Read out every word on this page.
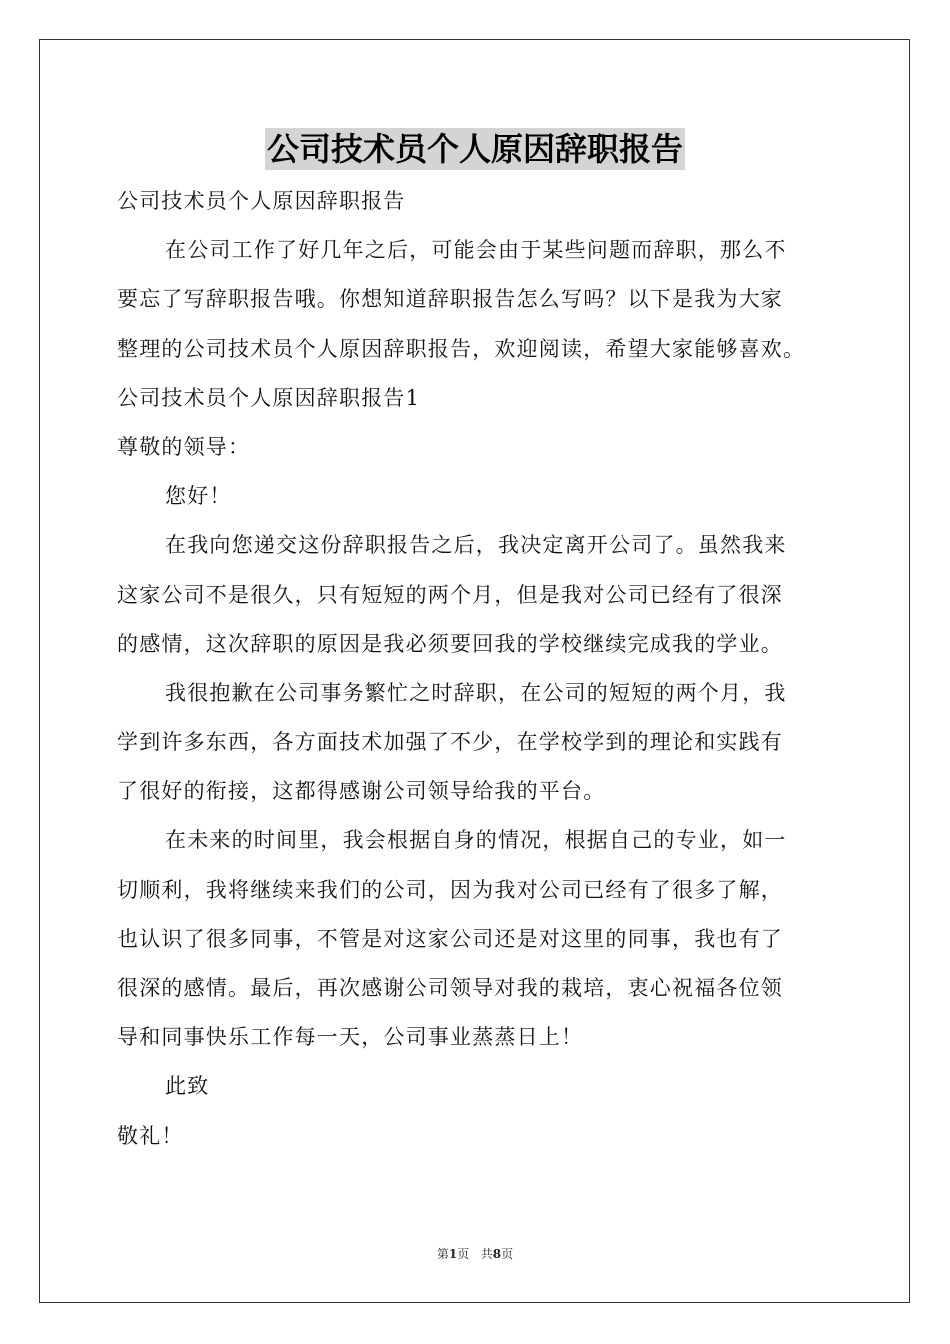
公司技术员个人原因辞职报告
公司技术员个人原因辞职报告
在公司工作了好几年之后，可能会由于某些问题而辞职，那么不
要忘了写辞职报告哦。你想知道辞职报告怎么写吗？以下是我为大家
整理的公司技术员个人原因辞职报告，欢迎阅读，希望大家能够喜欢。
公司技术员个人原因辞职报告1
尊敬的领导：
您好！
在我向您递交这份辞职报告之后，我决定离开公司了。虽然我来
这家公司不是很久，只有短短的两个月，但是我对公司已经有了很深
的感情，这次辞职的原因是我必须要回我的学校继续完成我的学业。
我很抱歉在公司事务繁忙之时辞职，在公司的短短的两个月，我
学到许多东西，各方面技术加强了不少，在学校学到的理论和实践有
了很好的衔接，这都得感谢公司领导给我的平台。
在未来的时间里，我会根据自身的情况，根据自己的专业，如一
切顺利，我将继续来我们的公司，因为我对公司已经有了很多了解，
也认识了很多同事，不管是对这家公司还是对这里的同事，我也有了
很深的感情。最后，再次感谢公司领导对我的栽培，衷心祝福各位领
导和同事快乐工作每一天，公司事业蒸蒸日上！
此致
敬礼！
第1页 共8页
